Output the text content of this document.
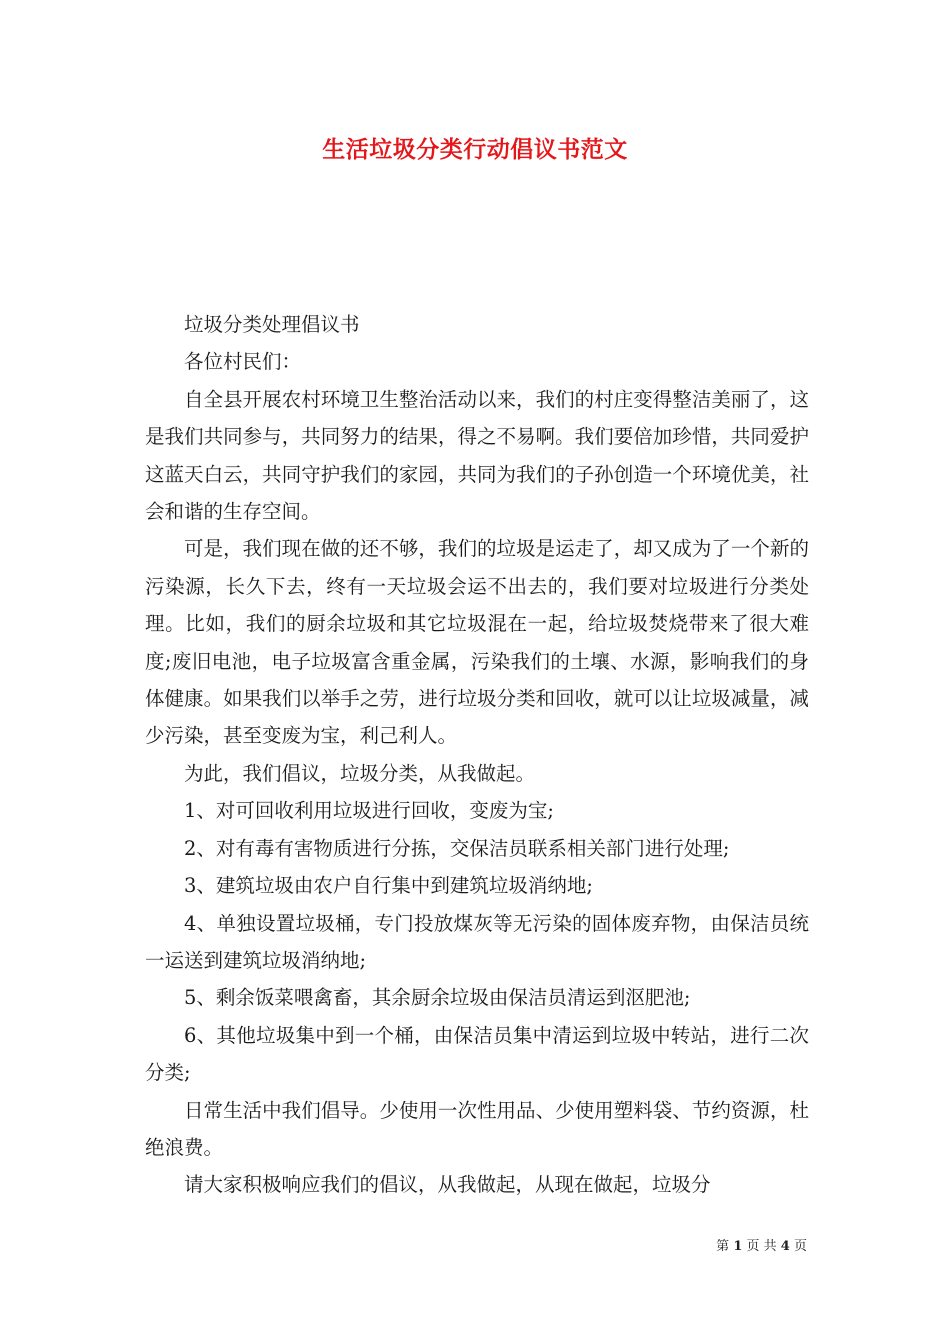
生活垃圾分类行动倡议书范文

垃圾分类处理倡议书

各位村民们：

自全县开展农村环境卫生整治活动以来，我们的村庄变得整洁美丽了，这是我们共同参与，共同努力的结果，得之不易啊。我们要倍加珍惜，共同爱护这蓝天白云，共同守护我们的家园，共同为我们的子孙创造一个环境优美，社会和谐的生存空间。

可是，我们现在做的还不够，我们的垃圾是运走了，却又成为了一个新的污染源，长久下去，终有一天垃圾会运不出去的，我们要对垃圾进行分类处理。比如，我们的厨余垃圾和其它垃圾混在一起，给垃圾焚烧带来了很大难度;废旧电池，电子垃圾富含重金属，污染我们的土壤、水源，影响我们的身体健康。如果我们以举手之劳，进行垃圾分类和回收，就可以让垃圾减量，减少污染，甚至变废为宝，利己利人。

为此，我们倡议，垃圾分类，从我做起。

1、对可回收利用垃圾进行回收，变废为宝;

2、对有毒有害物质进行分拣，交保洁员联系相关部门进行处理;

3、建筑垃圾由农户自行集中到建筑垃圾消纳地;

4、单独设置垃圾桶，专门投放煤灰等无污染的固体废弃物，由保洁员统一运送到建筑垃圾消纳地;

5、剩余饭菜喂禽畜，其余厨余垃圾由保洁员清运到沤肥池;

6、其他垃圾集中到一个桶，由保洁员集中清运到垃圾中转站，进行二次分类;

日常生活中我们倡导。少使用一次性用品、少使用塑料袋、节约资源，杜绝浪费。

请大家积极响应我们的倡议，从我做起，从现在做起，垃圾分

第 1 页 共 4 页
